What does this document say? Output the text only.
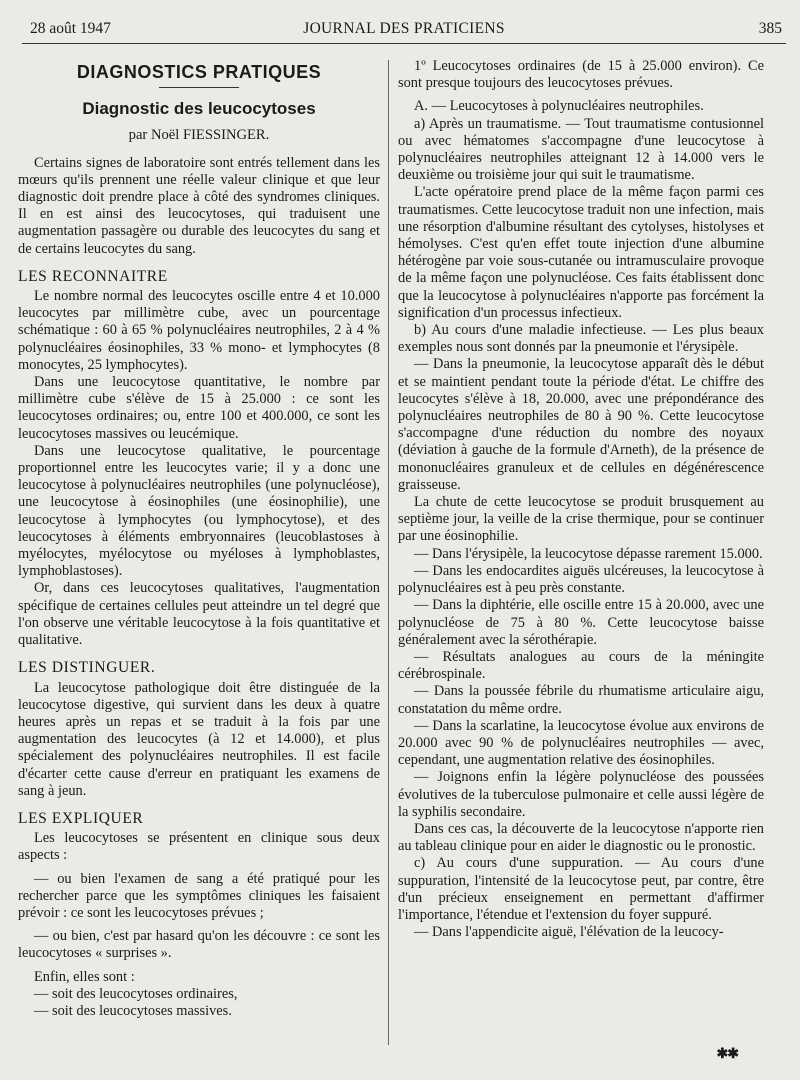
28 août 1947	JOURNAL DES PRATICIENS	385
DIAGNOSTICS PRATIQUES
Diagnostic des leucocytoses
par Noël FIESSINGER.

Certains signes de laboratoire sont entrés tellement dans les mœurs qu'ils prennent une réelle valeur clinique et que leur diagnostic doit prendre place à côté des syndromes cliniques. Il en est ainsi des leucocytoses, qui traduisent une augmentation passagère ou durable des leucocytes du sang et de certains leucocytes du sang.

LES RECONNAITRE

Le nombre normal des leucocytes oscille entre 4 et 10.000 leucocytes par millimètre cube, avec un pourcentage schématique : 60 à 65 % polynucléaires neutrophiles, 2 à 4 % polynucléaires éosinophiles, 33 % mono- et lymphocytes (8 monocytes, 25 lymphocytes).

Dans une leucocytose quantitative, le nombre par millimètre cube s'élève de 15 à 25.000 : ce sont les leucocytoses ordinaires; ou, entre 100 et 400.000, ce sont les leucocytoses massives ou leucémique.

Dans une leucocytose qualitative, le pourcentage proportionnel entre les leucocytes varie; il y a donc une leucocytose à polynucléaires neutrophiles (une polynucléose), une leucocytose à éosinophiles (une éosinophilie), une leucocytose à lymphocytes (ou lymphocytose), et des leucocytoses à éléments embryonnaires (leucoblastoses à myélocytes, myélocytose ou myéloses à lymphoblastes, lymphoblastoses).

Or, dans ces leucocytoses qualitatives, l'augmentation spécifique de certaines cellules peut atteindre un tel degré que l'on observe une véritable leucocytose à la fois quantitative et qualitative.

LES DISTINGUER.

La leucocytose pathologique doit être distinguée de la leucocytose digestive, qui survient dans les deux à quatre heures après un repas et se traduit à la fois par une augmentation des leucocytes (à 12 et 14.000), et plus spécialement des polynucléaires neutrophiles. Il est facile d'écarter cette cause d'erreur en pratiquant les examens de sang à jeun.

LES EXPLIQUER

Les leucocytoses se présentent en clinique sous deux aspects :

— ou bien l'examen de sang a été pratiqué pour les rechercher parce que les symptômes cliniques les faisaient prévoir : ce sont les leucocytoses prévues ;

— ou bien, c'est par hasard qu'on les découvre : ce sont les leucocytoses « surprises ».

Enfin, elles sont :

— soit des leucocytoses ordinaires,

— soit des leucocytoses massives.

1º Leucocytoses ordinaires (de 15 à 25.000 environ). Ce sont presque toujours des leucocytoses prévues.

A. — Leucocytoses à polynucléaires neutrophiles.

a) Après un traumatisme. — Tout traumatisme contusionnel ou avec hématomes s'accompagne d'une leucocytose à polynucléaires neutrophiles atteignant 12 à 14.000 vers le deuxième ou troisième jour qui suit le traumatisme.

L'acte opératoire prend place de la même façon parmi ces traumatismes. Cette leucocytose traduit non une infection, mais une résorption d'albumine résultant des cytolyses, histolyses et hémolyses. C'est qu'en effet toute injection d'une albumine hétérogène par voie sous-cutanée ou intramusculaire provoque de la même façon une polynucléose. Ces faits établissent donc que la leucocytose à polynucléaires n'apporte pas forcément la signification d'un processus infectieux.

b) Au cours d'une maladie infectieuse. — Les plus beaux exemples nous sont donnés par la pneumonie et l'érysipèle.

— Dans la pneumonie, la leucocytose apparaît dès le début et se maintient pendant toute la période d'état. Le chiffre des leucocytes s'élève à 18, 20.000, avec une prépondérance des polynucléaires neutrophiles de 80 à 90 %. Cette leucocytose s'accompagne d'une réduction du nombre des noyaux (déviation à gauche de la formule d'Arneth), de la présence de mononucléaires granuleux et de cellules en dégénérescence graisseuse.

La chute de cette leucocytose se produit brusquement au septième jour, la veille de la crise thermique, pour se continuer par une éosinophilie.

— Dans l'érysipèle, la leucocytose dépasse rarement 15.000.

— Dans les endocardites aiguës ulcéreuses, la leucocytose à polynucléaires est à peu près constante.

— Dans la diphtérie, elle oscille entre 15 à 20.000, avec une polynucléose de 75 à 80 %. Cette leucocytose baisse généralement avec la sérothérapie.

— Résultats analogues au cours de la méningite cérébrospinale.

— Dans la poussée fébrile du rhumatisme articulaire aigu, constatation du même ordre.

— Dans la scarlatine, la leucocytose évolue aux environs de 20.000 avec 90 % de polynucléaires neutrophiles — avec, cependant, une augmentation relative des éosinophiles.

— Joignons enfin la légère polynucléose des poussées évolutives de la tuberculose pulmonaire et celle aussi légère de la syphilis secondaire.

Dans ces cas, la découverte de la leucocytose n'apporte rien au tableau clinique pour en aider le diagnostic ou le pronostic.

c) Au cours d'une suppuration. — Au cours d'une suppuration, l'intensité de la leucocytose peut, par contre, être d'un précieux enseignement en permettant d'affirmer l'importance, l'étendue et l'extension du foyer suppuré.

— Dans l'appendicite aiguë, l'élévation de la leucocy-

✱✱
